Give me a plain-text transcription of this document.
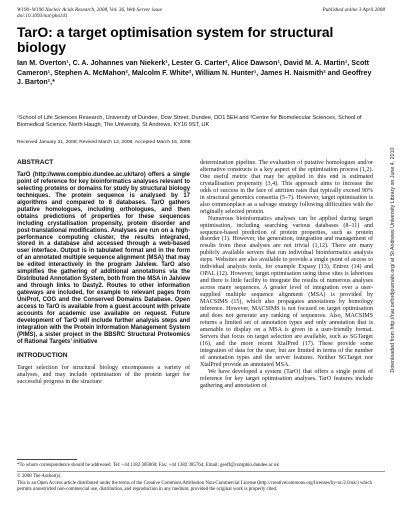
W190–W196 Nucleic Acids Research, 2008, Vol. 36, Web Server issue
doi:10.1093/nar/gkn141
Published online 3 April 2008
TarO: a target optimisation system for structural biology
Ian M. Overton¹, C. A. Johannes van Niekerk¹, Lester G. Carter², Alice Dawson¹, David M. A. Martin¹, Scott Cameron¹, Stephen A. McMahon², Malcolm F. White², William N. Hunter¹, James H. Naismith² and Geoffrey J. Barton¹,*
¹School of Life Sciences Research, University of Dundee, Dow Street, Dundee, DD1 5EH and ²Centre for Biomolecular Sciences, School of Biomedical Science, North Haugh, The University, St Andrews, KY16 9ST, UK
Received January 31, 2008; Revised March 13, 2008; Accepted March 16, 2008
ABSTRACT

TarO (http://www.compbio.dundee.ac.uk/taro) offers a single point of reference for key bioinformatics analyses relevant to selecting proteins or domains for study by structural biology techniques. The protein sequence is analysed by 17 algorithms and compared to 8 databases. TarO gathers putative homologues, including orthologues, and then obtains predictions of properties for these sequences including crystallisation propensity, protein disorder and post-translational modifications. Analyses are run on a high-performance computing cluster, the results integrated, stored in a database and accessed through a web-based user interface. Output is in tabulated format and in the form of an annotated multiple sequence alignment (MSA) that may be edited interactively in the program Jalview. TarO also simplifies the gathering of additional annotations via the Distributed Annotation System, both from the MSA in Jalview and through links to Dasty2. Routes to other information gateways are included, for example to relevant pages from UniProt, COG and the Conserved Domains Database. Open access to TarO is available from a guest account with private accounts for academic use available on request. Future development of TarO will include further analysis steps and integration with the Protein Information Management System (PIMS), a sister project in the BBSRC Structural Proteomics of Rational Targets’ initiative

INTRODUCTION

Target selection for structural biology encompasses a variety of analyses, and may include optimisation of the protein target for successful progress in the structure

determination pipeline. The evaluation of putative homologues and/or alternative constructs is a key aspect of the optimisation process (1,2). One useful metric that may be applied to this end is estimated crystallisation propensity (3,4). This approach aims to increase the odds of success in the face of attrition rates that typically exceed 90% in structural genomics consortia (5–7). However, target optimisation is also commonplace as a salvage strategy following difficulties with the originally selected protein.

Numerous bioinformatics analyses can be applied during target optimisation, including searching various databases (8–11) and sequence-based prediction of protein properties, such as protein disorder (1). However, the generation, integration and management of results from these analyses are not trivial (1,12). There are many publicly available servers that run individual bioinformatics analysis steps. Websites are also available to provide a single point of access to individual analysis tools, for example Expasy (13), Entrez (14) and OPAL (12). However, target optimisation using these sites is laborious and there is little facility to integrate the results of numerous analyses across many sequences. A greater level of integration over a user-supplied multiple sequence alignment (MSA) is provided by MACSIMS (15), which also propagates annotations by homology inference. However, MACSIMS is not focused on target optimisation and does not generate any ranking of sequences. Also, MACSIMS returns a limited set of annotation types and only annotation that is amenable to display on a MSA is given in a user-friendly format. Servers that focus on target selection are available, such as SGTarget (16), and the more recent XtalPred (17). These provide some integration of data for the user, but are limited in terms of the number of annotation types and the server features. Neither SGTarget nor XtalPred provide an annotated MSA.

We have developed a system (TarO) that offers a single point of reference for key target optimisation analyses. TarO features include gathering and annotation of

*To whom correspondence should be addressed. Tel: +44 1382 385860; Fax: +44 1382 385764; Email: geoff@compbio.dundee.ac.uk

© 2008 The Author(s)

This is an Open Access article distributed under the terms of the Creative Commons Attribution Non-Commercial License (http://creativecommons.org/licenses/by-nc/2.0/uk/) which permits unrestricted non-commercial use, distribution, and reproduction in any medium, provided the original work is properly cited.

Downloaded from http://nar.oxfordjournals.org/ at St Andrews University Library on June 4, 2010
